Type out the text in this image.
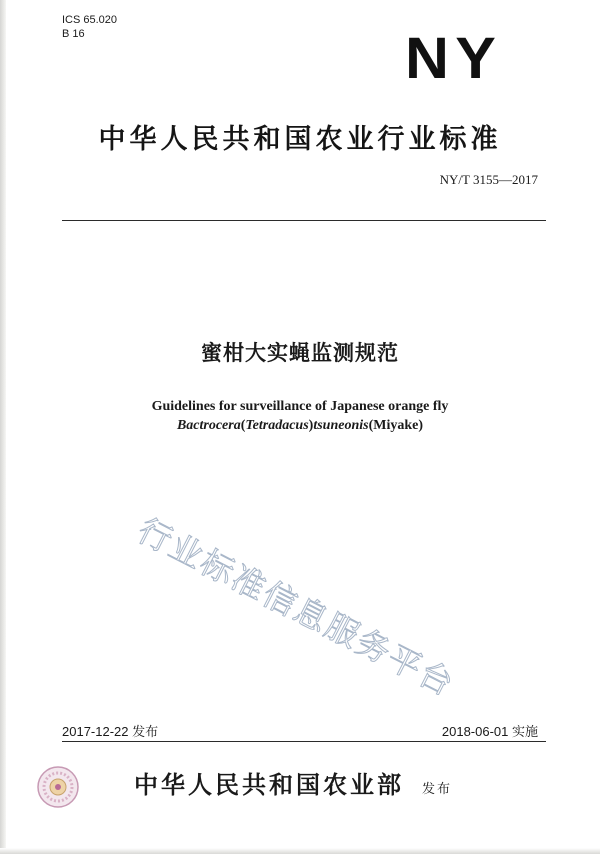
ICS 65.020
B 16	NY
中华人民共和国农业行业标准
NY/T 3155—2017
蜜柑大实蝇监测规范
Guidelines for surveillance of Japanese orange fly
Bactrocera(Tetradacus)tsuneonis(Miyake)
行业标准信息服务平台
2017-12-22 发布	2018-06-01 实施
中华人民共和国农业部 发布
